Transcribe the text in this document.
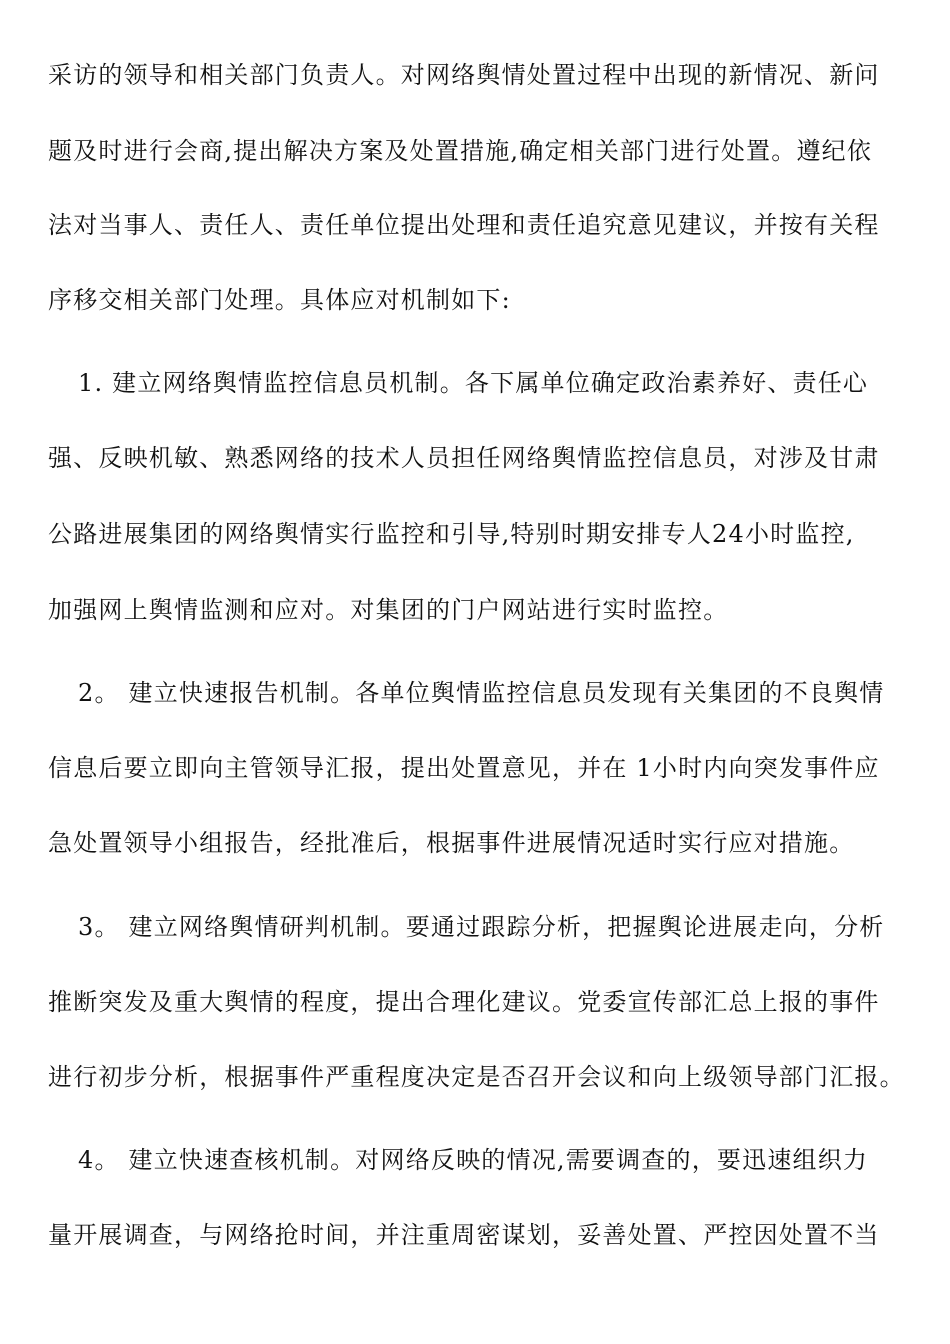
采访的领导和相关部门负责人。对网络舆情处置过程中出现的新情况、新问
题及时进行会商,提出解决方案及处置措施,确定相关部门进行处置。遵纪依
法对当事人、责任人、责任单位提出处理和责任追究意见建议，并按有关程
序移交相关部门处理。具体应对机制如下:
1. 建立网络舆情监控信息员机制。各下属单位确定政治素养好、责任心
强、反映机敏、熟悉网络的技术人员担任网络舆情监控信息员，对涉及甘肃
公路进展集团的网络舆情实行监控和引导,特别时期安排专人24小时监控,
加强网上舆情监测和应对。对集团的门户网站进行实时监控。
2。 建立快速报告机制。各单位舆情监控信息员发现有关集团的不良舆情
信息后要立即向主管领导汇报，提出处置意见，并在 1小时内向突发事件应
急处置领导小组报告，经批准后，根据事件进展情况适时实行应对措施。
3。 建立网络舆情研判机制。要通过跟踪分析，把握舆论进展走向，分析
推断突发及重大舆情的程度，提出合理化建议。党委宣传部汇总上报的事件
进行初步分析，根据事件严重程度决定是否召开会议和向上级领导部门汇报。
4。 建立快速查核机制。对网络反映的情况,需要调查的，要迅速组织力
量开展调查，与网络抢时间，并注重周密谋划，妥善处置、严控因处置不当
